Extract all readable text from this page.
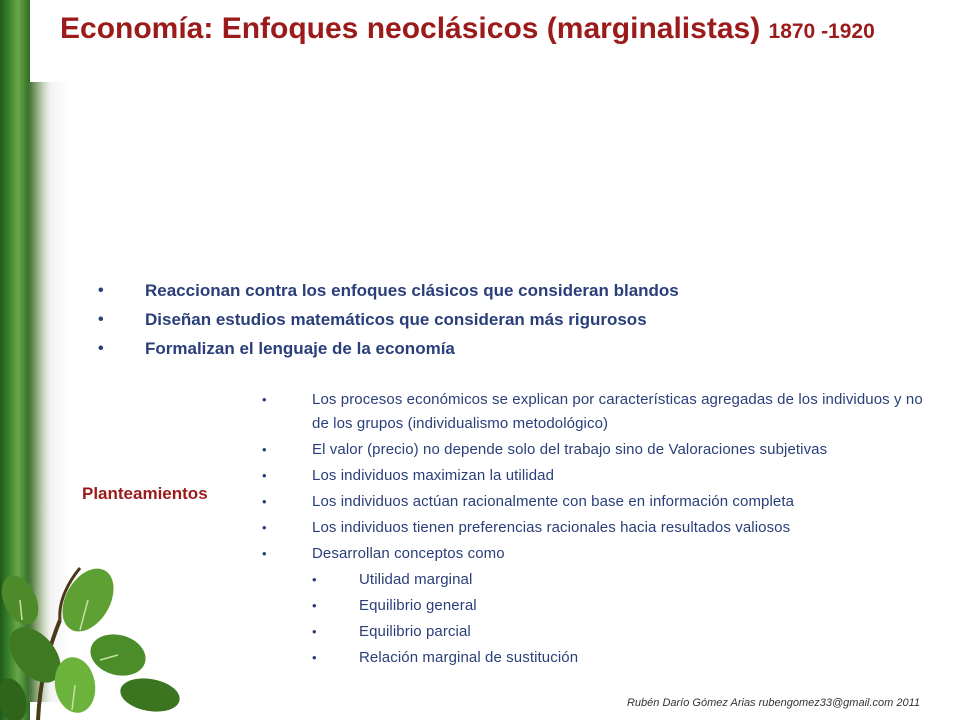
Economía: Enfoques neoclásicos (marginalistas) 1870 -1920
• Reaccionan contra los enfoques clásicos que consideran blandos
• Diseñan estudios matemáticos que consideran más rigurosos
• Formalizan el lenguaje de la economía
Planteamientos
•	Los procesos económicos se explican por características agregadas de los individuos y no de los grupos (individualismo metodológico)
•	El valor (precio) no depende solo del trabajo sino de Valoraciones subjetivas
•	Los individuos maximizan la utilidad
•	Los individuos actúan racionalmente con base en información completa
•	Los individuos tienen preferencias racionales hacia resultados valiosos
•	Desarrollan conceptos como
•	Utilidad marginal
•	Equilibrio general
•	Equilibrio parcial
•	Relación marginal de sustitución
Rubén Darío Gómez Arias rubengomez33@gmail.com 2011
